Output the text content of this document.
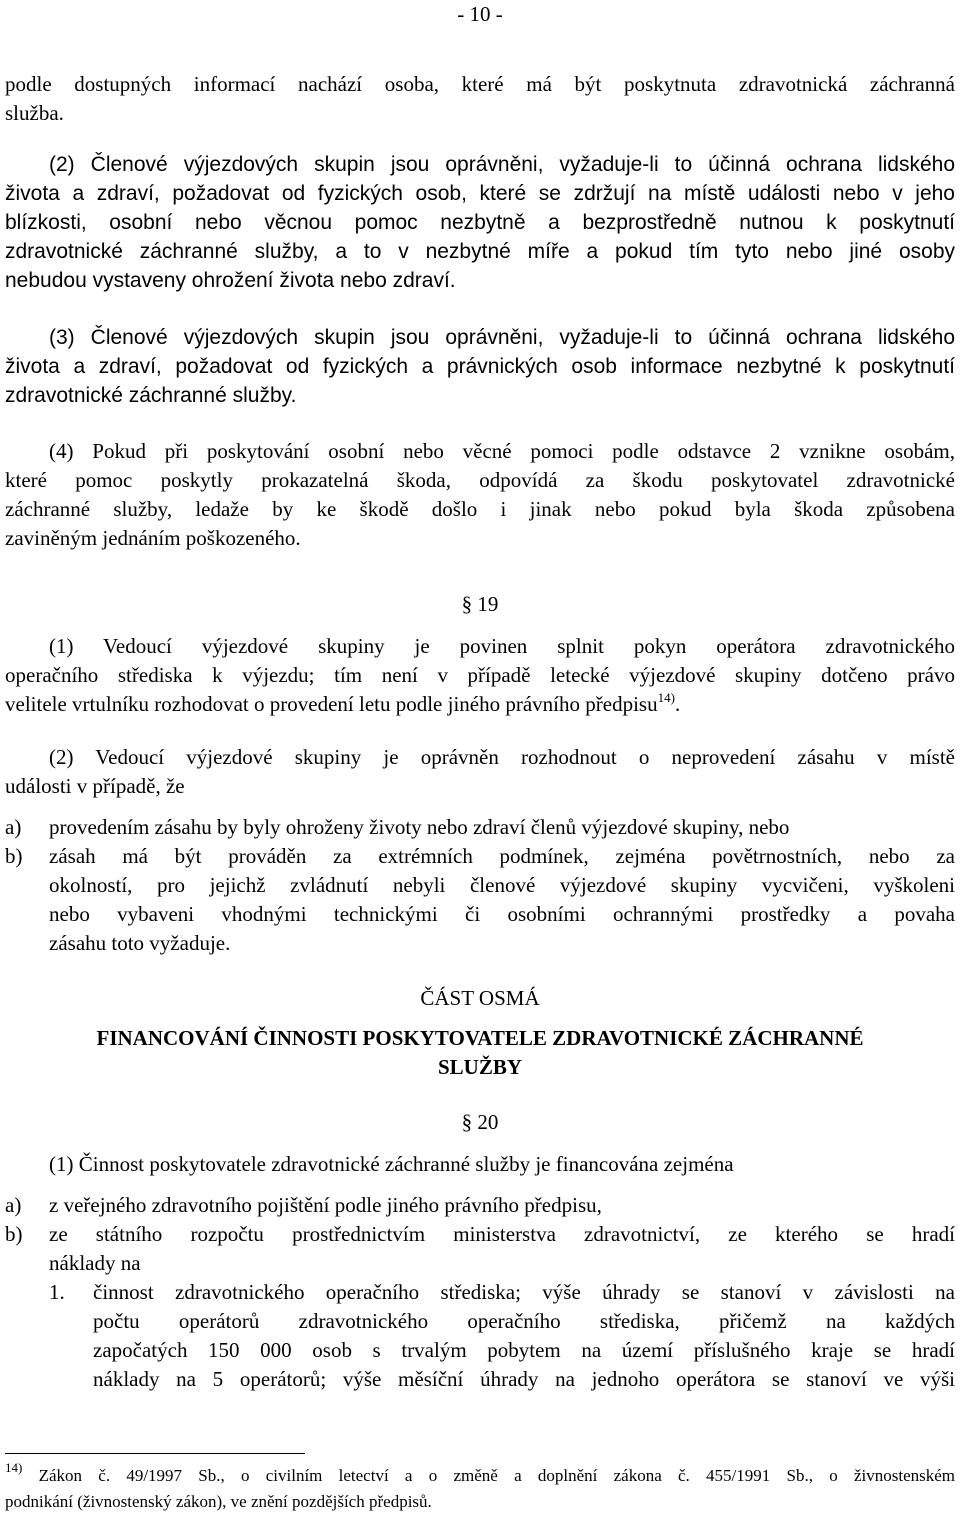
- 10 -
podle dostupných informací nachází osoba, které má být poskytnuta zdravotnická záchranná
služba.
(2) Členové výjezdových skupin jsou oprávněni, vyžaduje-li to účinná ochrana lidského
života a zdraví, požadovat od fyzických osob, které se zdržují na místě události nebo v jeho
blízkosti, osobní nebo věcnou pomoc nezbytně a bezprostředně nutnou k poskytnutí
zdravotnické záchranné služby, a to v nezbytné míře a pokud tím tyto nebo jiné osoby
nebudou vystaveny ohrožení života nebo zdraví.
(3) Členové výjezdových skupin jsou oprávněni, vyžaduje-li to účinná ochrana lidského
života a zdraví, požadovat od fyzických a právnických osob informace nezbytné k poskytnutí
zdravotnické záchranné služby.
(4) Pokud při poskytování osobní nebo věcné pomoci podle odstavce 2 vznikne osobám,
které pomoc poskytly prokazatelná škoda, odpovídá za škodu poskytovatel zdravotnické
záchranné služby, ledaže by ke škodě došlo i jinak nebo pokud byla škoda způsobena
zaviněným jednáním poškozeného.
§ 19
(1) Vedoucí výjezdové skupiny je povinen splnit pokyn operátora zdravotnického
operačního střediska k výjezdu; tím není v případě letecké výjezdové skupiny dotčeno právo
velitele vrtulníku rozhodovat o provedení letu podle jiného právního předpisu$^{14)}$.
(2) Vedoucí výjezdové skupiny je oprávněn rozhodnout o neprovedení zásahu v místě
události v případě, že
a) provedením zásahu by byly ohroženy životy nebo zdraví členů výjezdové skupiny, nebo
b) zásah má být prováděn za extrémních podmínek, zejména povětrnostních, nebo za
okolností, pro jejichž zvládnutí nebyli členové výjezdové skupiny vycvičeni, vyškoleni
nebo vybaveni vhodnými technickými či osobními ochrannými prostředky a povaha
zásahu toto vyžaduje.
ČÁST OSMÁ
FINANCOVÁNÍ ČINNOSTI POSKYTOVATELE ZDRAVOTNICKÉ ZÁCHRANNÉ
SLUŽBY
§ 20
(1) Činnost poskytovatele zdravotnické záchranné služby je financována zejména
a) z veřejného zdravotního pojištění podle jiného právního předpisu,
b) ze státního rozpočtu prostřednictvím ministerstva zdravotnictví, ze kterého se hradí
náklady na
1. činnost zdravotnického operačního střediska; výše úhrady se stanoví v závislosti na
počtu operátorů zdravotnického operačního střediska, přičemž na každých
započatých 150 000 osob s trvalým pobytem na území příslušného kraje se hradí
náklady na 5 operátorů; výše měsíční úhrady na jednoho operátora se stanoví ve výši
$^{14)}$ Zákon č. 49/1997 Sb., o civilním letectví a o změně a doplnění zákona č. 455/1991 Sb., o živnostenském
podnikání (živnostenský zákon), ve znění pozdějších předpisů.
